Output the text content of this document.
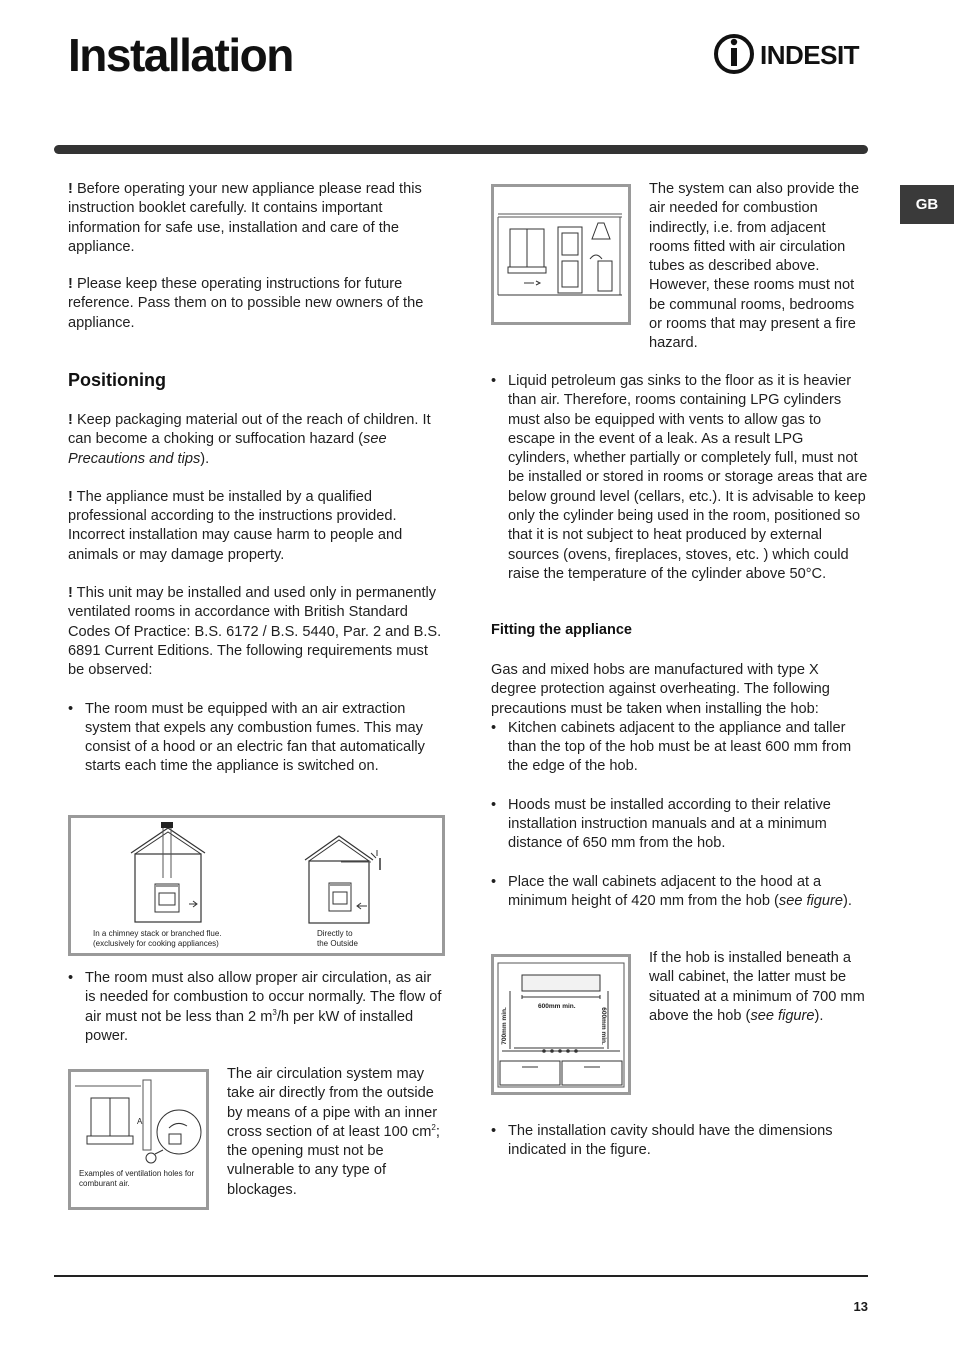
Installation	INDESIT
GB

! Before operating your new appliance please read this instruction booklet carefully. It contains important information for safe use, installation and care of the appliance.

! Please keep these operating instructions for future reference. Pass them on to possible new owners of the appliance.

Positioning

! Keep packaging material out of the reach of children. It can become a choking or suffocation hazard (see Precautions and tips).

! The appliance must be installed by a qualified professional according to the instructions provided. Incorrect installation may cause harm to people and animals or may damage property.

! This unit may be installed and used only in permanently ventilated rooms in accordance with British Standard Codes Of Practice: B.S. 6172 / B.S. 5440, Par. 2 and B.S. 6891 Current Editions. The following requirements must be observed:

• The room must be equipped with an air extraction system that expels any combustion fumes. This may consist of a hood or an electric fan that automatically starts each time the appliance is switched on.

In a chimney stack or branched flue. (exclusively for cooking appliances)
Directly to
the Outside

• The room must also allow proper air circulation, as air is needed for combustion to occur normally. The flow of air must not be less than 2 $m^3/h$ per kW of installed power.

A
Examples of ventilation holes for comburant air.

The air circulation system may take air directly from the outside by means of a pipe with an inner cross section of at least 100 $cm^2$; the opening must not be vulnerable to any type of blockages.

The system can also provide the air needed for combustion indirectly, i.e. from adjacent rooms fitted with air circulation tubes as described above. However, these rooms must not be communal rooms, bedrooms or rooms that may present a fire hazard.

• Liquid petroleum gas sinks to the floor as it is heavier than air. Therefore, rooms containing LPG cylinders must also be equipped with vents to allow gas to escape in the event of a leak. As a result LPG cylinders, whether partially or completely full, must not be installed or stored in rooms or storage areas that are below ground level (cellars, etc.). It is advisable to keep only the cylinder being used in the room, positioned so that it is not subject to heat produced by external sources (ovens, fireplaces, stoves, etc. ) which could raise the temperature of the cylinder above 50°C.

Fitting the appliance

Gas and mixed hobs are manufactured with type X degree protection against overheating. The following precautions must be taken when installing the hob:

• Kitchen cabinets adjacent to the appliance and taller than the top of the hob must be at least 600 mm from the edge of the hob.

• Hoods must be installed according to their relative installation instruction manuals and at a minimum distance of 650 mm from the hob.

• Place the wall cabinets adjacent to the hood at a minimum height of 420 mm from the hob (see figure).

600mm min.
700mm min.	600mm min.

If the hob is installed beneath a wall cabinet, the latter must be situated at a minimum of 700 mm above the hob (see figure).

• The installation cavity should have the dimensions indicated in the figure.

13
